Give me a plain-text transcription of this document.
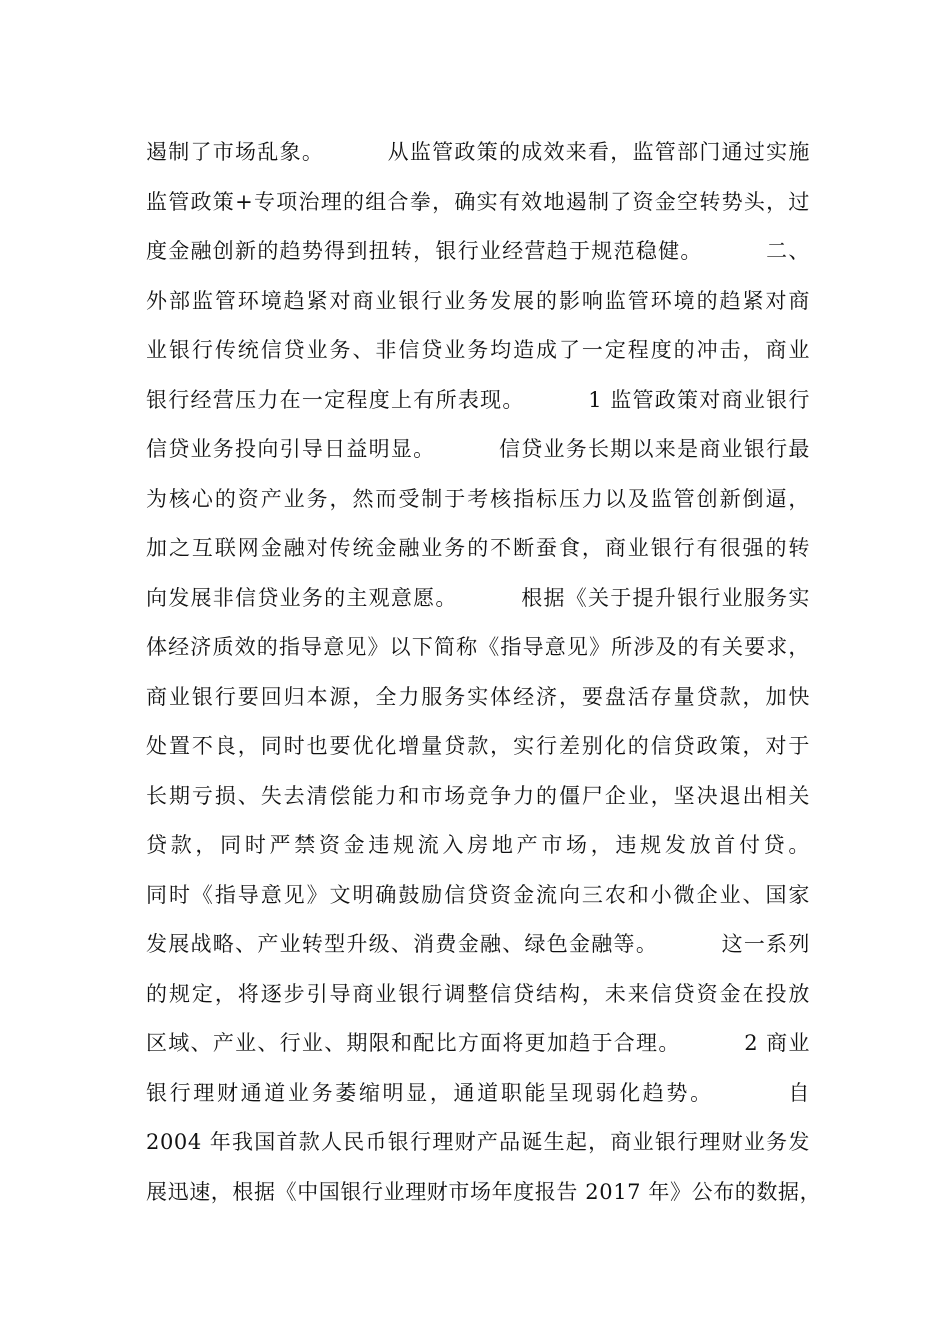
遏制了市场乱象。        从监管政策的成效来看，监管部门通过实施
监管政策+专项治理的组合拳，确实有效地遏制了资金空转势头，过
度金融创新的趋势得到扭转，银行业经营趋于规范稳健。        二、
外部监管环境趋紧对商业银行业务发展的影响监管环境的趋紧对商
业银行传统信贷业务、非信贷业务均造成了一定程度的冲击，商业
银行经营压力在一定程度上有所表现。        1 监管政策对商业银行
信贷业务投向引导日益明显。        信贷业务长期以来是商业银行最
为核心的资产业务，然而受制于考核指标压力以及监管创新倒逼，
加之互联网金融对传统金融业务的不断蚕食，商业银行有很强的转
向发展非信贷业务的主观意愿。        根据《关于提升银行业服务实
体经济质效的指导意见》以下简称《指导意见》所涉及的有关要求，
商业银行要回归本源，全力服务实体经济，要盘活存量贷款，加快
处置不良，同时也要优化增量贷款，实行差别化的信贷政策，对于
长期亏损、失去清偿能力和市场竞争力的僵尸企业，坚决退出相关
贷款，同时严禁资金违规流入房地产市场，违规发放首付贷。
同时《指导意见》文明确鼓励信贷资金流向三农和小微企业、国家
发展战略、产业转型升级、消费金融、绿色金融等。        这一系列
的规定，将逐步引导商业银行调整信贷结构，未来信贷资金在投放
区域、产业、行业、期限和配比方面将更加趋于合理。        2 商业
银行理财通道业务萎缩明显，通道职能呈现弱化趋势。        自
2004 年我国首款人民币银行理财产品诞生起，商业银行理财业务发
展迅速，根据《中国银行业理财市场年度报告 2017 年》公布的数据，
